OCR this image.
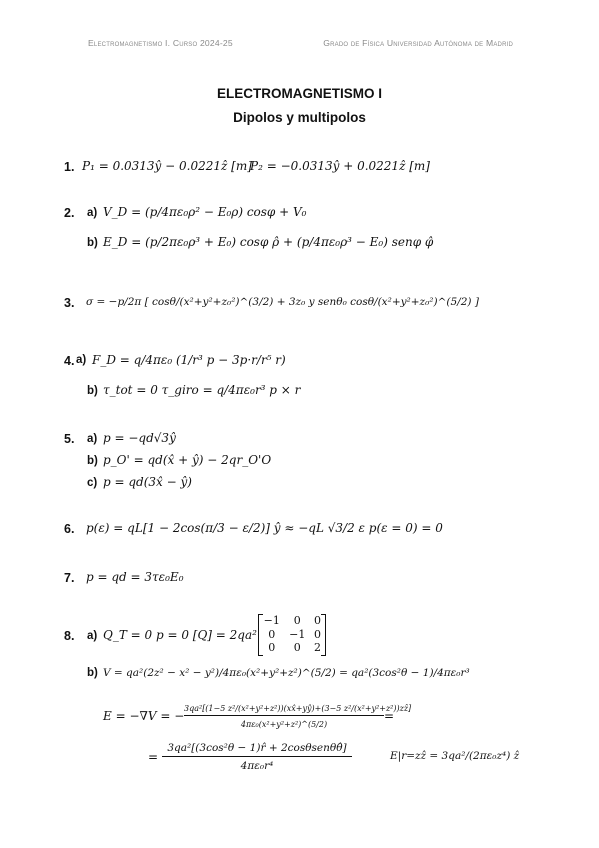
Electromagnetismo I. Curso 2024-25	Grado de Física Universidad Autónoma de Madrid
ELECTROMAGNETISMO I
Dipolos y multipolos
1. P₁ = 0.0313ŷ − 0.0221ẑ [m]
P₂ = −0.0313ŷ + 0.0221ẑ [m]
2. a) V_D = (p/4πε₀ρ² − E₀ρ) cosφ + V₀
b) E_D = (p/2πε₀ρ³ + E₀) cosφ ρ̂ + (p/4πε₀ρ³ − E₀) senφ φ̂
3. σ = −p/2π [ cosθ/(x²+y²+z₀²)^(3/2) + 3z₀ y senθ₀ cosθ/(x²+y²+z₀²)^(5/2) ]
4. a) F_D = q/4πε₀ (1/r³ p − 3p·r/r⁵ r)
b) τ_tot = 0 τ_giro = q/4πε₀r³ p × r
5. a) p = −qd√3ŷ
b) p_O' = qd(x̂ + ŷ) − 2qr_O'O
c) p = qd(3x̂ − ŷ)
6. p(ε) = qL[1 − 2cos(π/3 − ε/2)] ŷ ≈ −qL √3/2 ε p(ε = 0) = 0
7. p = qd = 3τε₀E₀
8. a) Q_T = 0 p = 0 [Q] = 2qa²
−1	0	0
0	−1	0
0	0	2
b) V = qa²(2z² − x² − y²)/4πε₀(x²+y²+z²)^(5/2) = qa²(3cos²θ − 1)/4πε₀r³
E = −∇V = −
3qa²[(1−5 z²/(x²+y²+z²))(xx̂+yŷ)+(3−5 z²/(x²+y²+z²))zẑ]
4πε₀(x²+y²+z²)^(5/2)
=
=
3qa²[(3cos²θ − 1)r̂ + 2cosθsenθθ̂]
4πε₀r⁴
E|r=zẑ = 3qa²/(2πε₀z⁴) ẑ
